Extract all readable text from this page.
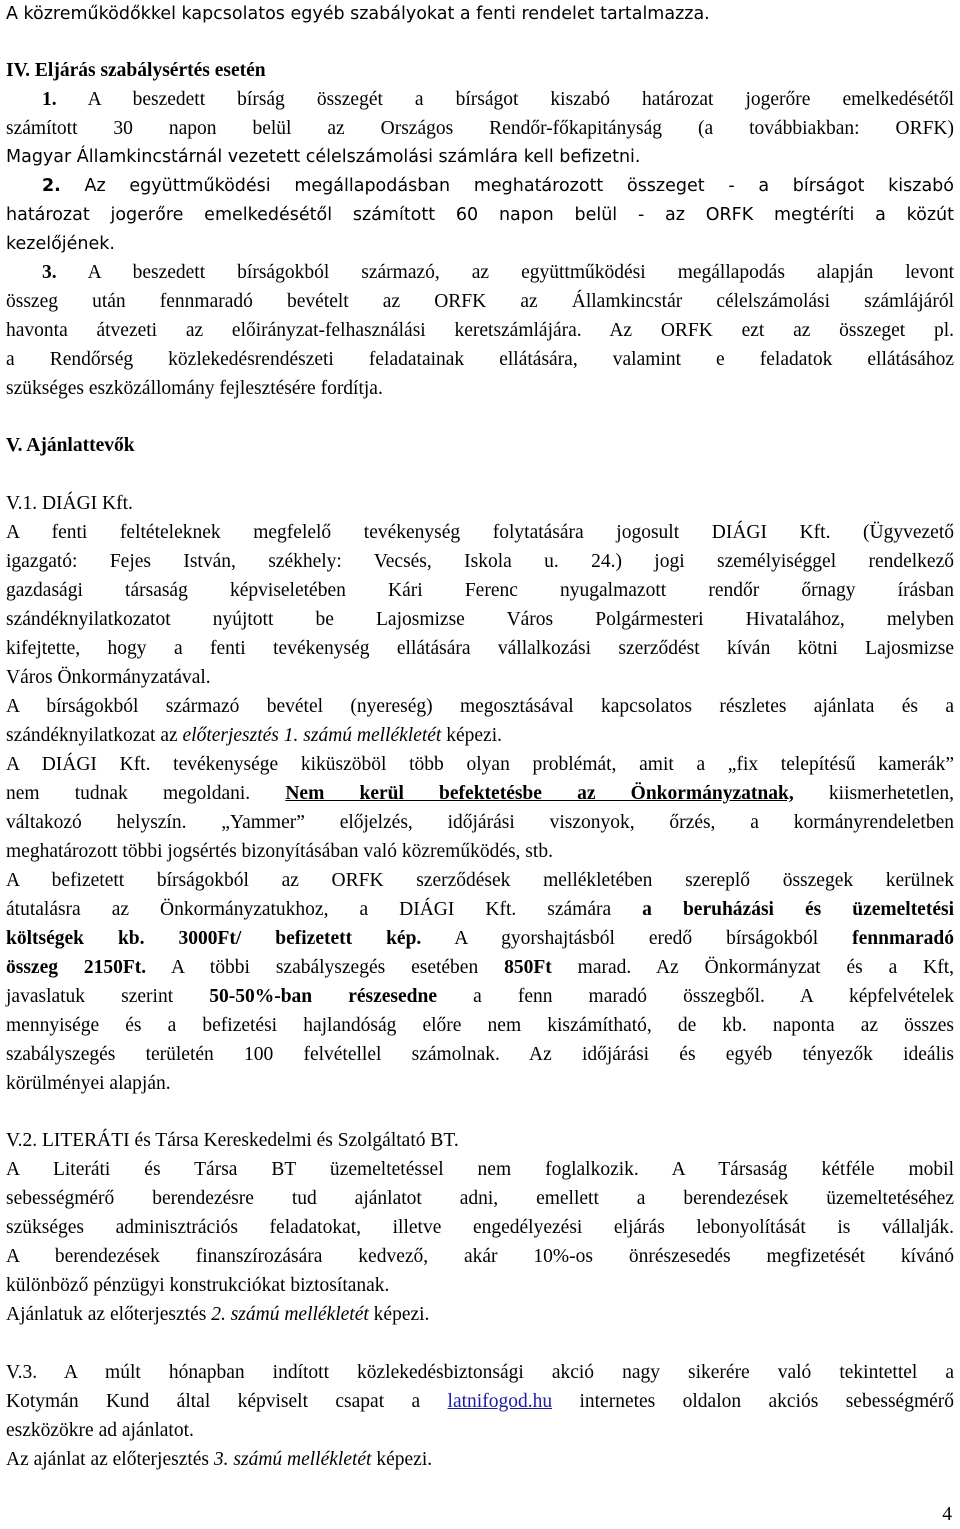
A közreműködőkkel kapcsolatos egyéb szabályokat a fenti rendelet tartalmazza.
IV. Eljárás szabálysértés esetén
1. A beszedett bírság összegét a bírságot kiszabó határozat jogerőre emelkedésétől
számított 30 napon belül az Országos Rendőr-főkapitányság (a továbbiakban: ORFK)
Magyar Államkincstárnál vezetett célelszámolási számlára kell befizetni.
2. Az együttműködési megállapodásban meghatározott összeget - a bírságot kiszabó
határozat jogerőre emelkedésétől számított 60 napon belül - az ORFK megtéríti a közút
kezelőjének.
3. A beszedett bírságokból származó, az együttműködési megállapodás alapján levont
összeg után fennmaradó bevételt az ORFK az Államkincstár célelszámolási számlájáról
havonta átvezeti az előirányzat-felhasználási keretszámlájára. Az ORFK ezt az összeget pl.
a Rendőrség közlekedésrendészeti feladatainak ellátására, valamint e feladatok ellátásához
szükséges eszközállomány fejlesztésére fordítja.
V. Ajánlattevők
V.1. DIÁGI Kft.
A fenti feltételeknek megfelelő tevékenység folytatására jogosult DIÁGI Kft. (Ügyvezető
igazgató: Fejes István, székhely: Vecsés, Iskola u. 24.) jogi személyiséggel rendelkező
gazdasági társaság képviseletében Kári Ferenc nyugalmazott rendőr őrnagy írásban
szándéknyilatkozatot nyújtott be Lajosmizse Város Polgármesteri Hivatalához, melyben
kifejtette, hogy a fenti tevékenység ellátására vállalkozási szerződést kíván kötni Lajosmizse
Város Önkormányzatával.
A bírságokból származó bevétel (nyereség) megosztásával kapcsolatos részletes ajánlata és a
szándéknyilatkozat az előterjesztés 1. számú mellékletét képezi.
A DIÁGI Kft. tevékenysége kiküszöböl több olyan problémát, amit a „fix telepítésű kamerák”
nem tudnak megoldani. Nem kerül befektetésbe az Önkormányzatnak, kiismerhetetlen,
váltakozó helyszín. „Yammer” előjelzés, időjárási viszonyok, őrzés, a kormányrendeletben
meghatározott többi jogsértés bizonyításában való közreműködés, stb.
A befizetett bírságokból az ORFK szerződések mellékletében szereplő összegek kerülnek
átutalásra az Önkormányzatukhoz, a DIÁGI Kft. számára a beruházási és üzemeltetési
költségek kb. 3000Ft/ befizetett kép. A gyorshajtásból eredő bírságokból fennmaradó
összeg 2150Ft. A többi szabályszegés esetében 850Ft marad. Az Önkormányzat és a Kft,
javaslatuk szerint 50-50%-ban részesedne a fenn maradó összegből. A képfelvételek
mennyisége és a befizetési hajlandóság előre nem kiszámítható, de kb. naponta az összes
szabályszegés területén 100 felvétellel számolnak. Az időjárási és egyéb tényezők ideális
körülményei alapján.
V.2. LITERÁTI és Társa Kereskedelmi és Szolgáltató BT.
A Literáti és Társa BT üzemeltetéssel nem foglalkozik. A Társaság kétféle mobil
sebességmérő berendezésre tud ajánlatot adni, emellett a berendezések üzemeltetéséhez
szükséges adminisztrációs feladatokat, illetve engedélyezési eljárás lebonyolítását is vállalják.
A berendezések finanszírozására kedvező, akár 10%-os önrészesedés megfizetését kívánó
különböző pénzügyi konstrukciókat biztosítanak.
Ajánlatuk az előterjesztés 2. számú mellékletét képezi.
V.3. A múlt hónapban indított közlekedésbiztonsági akció nagy sikerére való tekintettel a
Kotymán Kund által képviselt csapat a latnifogod.hu internetes oldalon akciós sebességmérő
eszközökre ad ajánlatot.
Az ajánlat az előterjesztés 3. számú mellékletét képezi.
4
